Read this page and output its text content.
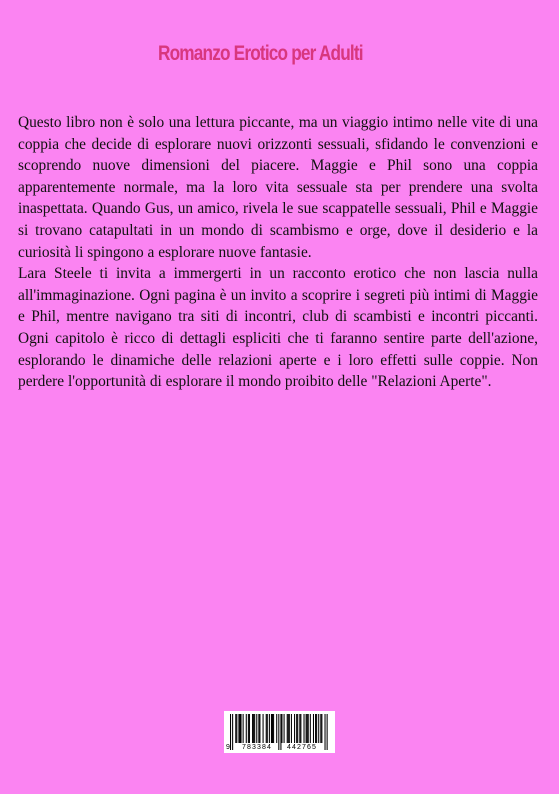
Romanzo Erotico per Adulti

Questo libro non è solo una lettura piccante, ma un viaggio intimo nelle vite di una coppia che decide di esplorare nuovi orizzonti sessuali, sfidando le convenzioni e scoprendo nuove dimensioni del piacere. Maggie e Phil sono una coppia apparentemente normale, ma la loro vita sessuale sta per prendere una svolta inaspettata. Quando Gus, un amico, rivela le sue scappatelle sessuali, Phil e Maggie si trovano catapultati in un mondo di scambismo e orge, dove il desiderio e la curiosità li spingono a esplorare nuove fantasie.

Lara Steele ti invita a immergerti in un racconto erotico che non lascia nulla all'immaginazione. Ogni pagina è un invito a scoprire i segreti più intimi di Maggie e Phil, mentre navigano tra siti di incontri, club di scambisti e incontri piccanti. Ogni capitolo è ricco di dettagli espliciti che ti faranno sentire parte dell'azione, esplorando le dinamiche delle relazioni aperte e i loro effetti sulle coppie. Non perdere l'opportunità di esplorare il mondo proibito delle "Relazioni Aperte".

9 783384 442765
